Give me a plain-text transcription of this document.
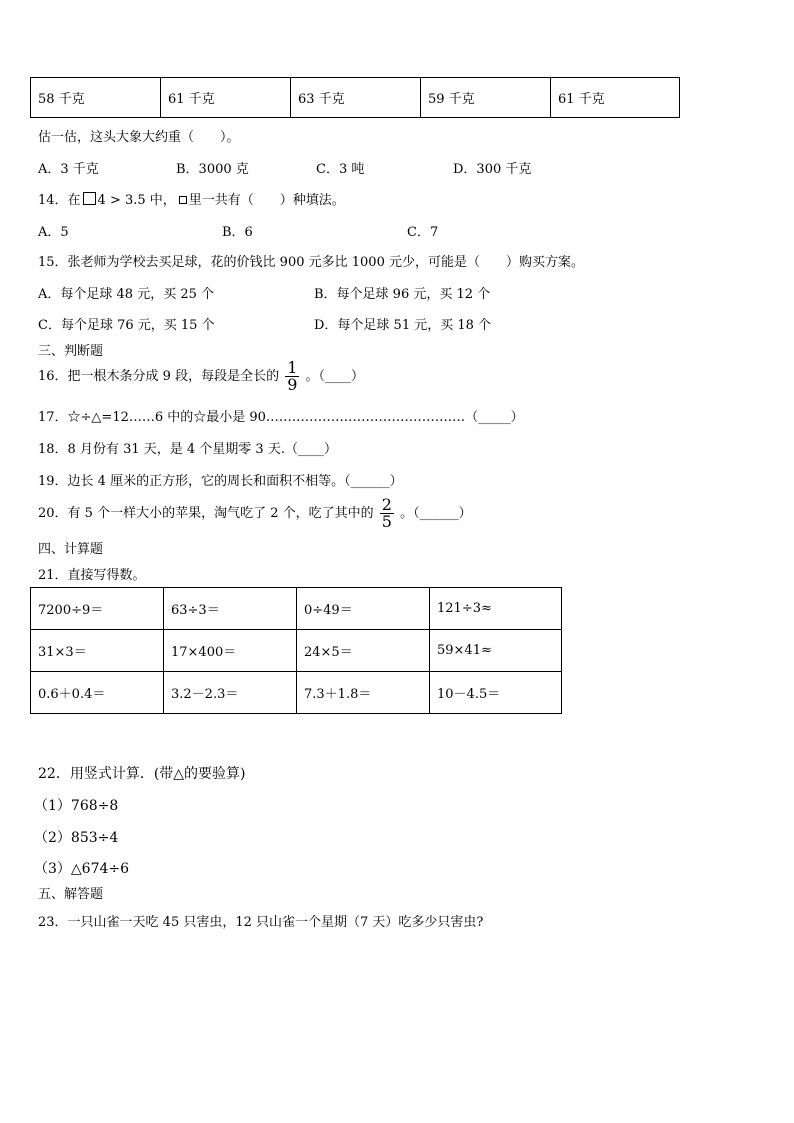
58 千克	61 千克	63 千克	59 千克	61 千克
估一估，这头大象大约重（　　）。
A．3 千克	B．3000 克	C．3 吨	D．300 千克
14．在 4 > 3.5 中， 里一共有（　　）种填法。
A．5	B．6	C．7
15．张老师为学校去买足球，花的价钱比 900 元多比 1000 元少，可能是（　　）购买方案。
A．每个足球 48 元，买 25 个	B．每个足球 96 元，买 12 个
C．每个足球 76 元，买 15 个	D．每个足球 51 元，买 18 个
三、判断题
16．把一根木条分成 9 段，每段是全长的 $\frac{1}{9}$ 。（____）
17．☆÷△=12……6 中的☆最小是 90.………………………………………（_____）
18．8 月份有 31 天，是 4 个星期零 3 天.（____）
19．边长 4 厘米的正方形，它的周长和面积不相等。（______）
20．有 5 个一样大小的苹果，淘气吃了 2 个，吃了其中的 $\frac{2}{5}$ 。（______）
四、计算题
21．直接写得数。
7200÷9＝	63÷3＝	0÷49＝	121÷3≈
31×3＝	17×400＝	24×5＝	59×41≈
0.6＋0.4＝	3.2－2.3＝	7.3＋1.8＝	10－4.5＝
22．用竖式计算．(带△的要验算)
（1）768÷8
（2）853÷4
（3）△674÷6
五、解答题
23．一只山雀一天吃 45 只害虫，12 只山雀一个星期（7 天）吃多少只害虫?
